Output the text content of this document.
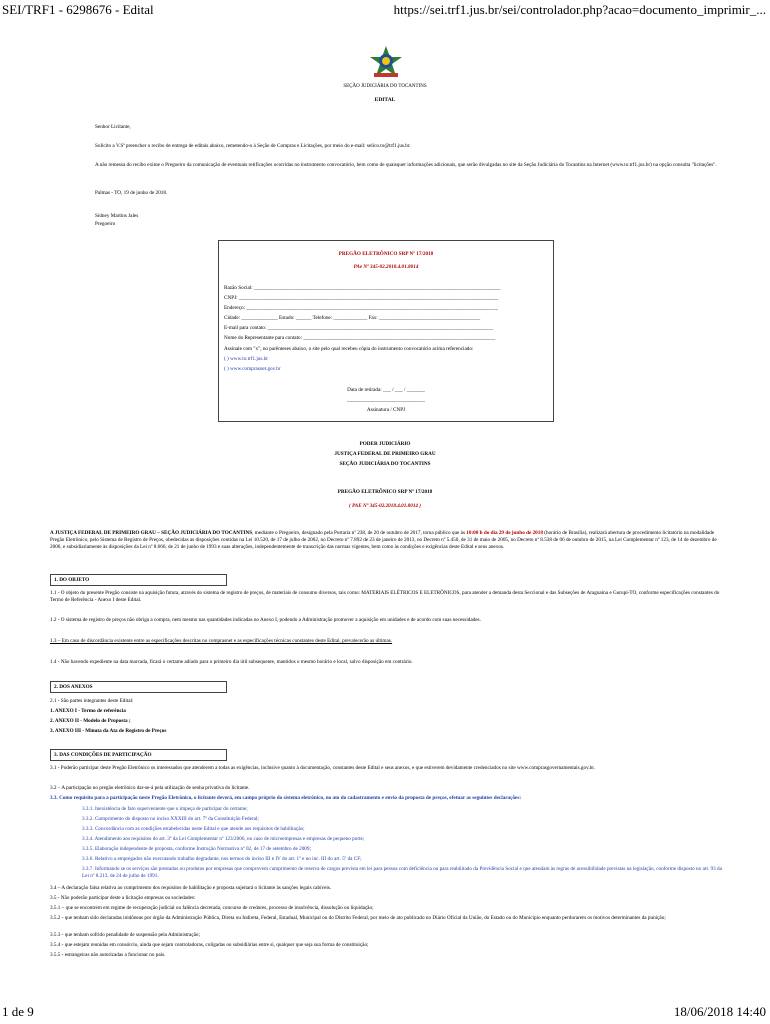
SEI/TRF1 - 6298676 - Edital	https://sei.trf1.jus.br/sei/controlador.php?acao=documento_imprimir_...
1 de 9	18/06/2018 14:40
SEÇÃO JUDICIÁRIA DO TOCANTINS
EDITAL
Senhor Licitante,
Solicito a V.Sª preencher o recibo de entrega de editais abaixo, remetendo-o à Seção de Compras e Licitações, por meio do e-mail: selico.to@trf1.jus.br.
A não remessa do recibo exime o Pregoeiro da comunicação de eventuais retificações ocorridas no instrumento convocatório, bem como de quaisquer informações adicionais, que serão divulgadas no site da Seção Judiciária do Tocantins na Internet (www.to.trf1.jus.br) na opção consulta "licitações".
Palmas - TO, 19 de junho de 2018.
Sidney Martins Jales
Pregoeiro
PREGÃO ELETRÔNICO SRP Nº 17/2018
PAe Nº 345-02.2018.4.01.8014
Razão Social: _______________________________________________________________________________________________
CNPJ: ____________________________________________________________________________________________________
Endereço: _________________________________________________________________________________________________
Cidade: ______________ Estado: ______ Telefone: _____________ Fax: _______________________________________
E-mail para contato: _______________________________________________________________________________________
Nome do Representante para contato: __________________________________________________________________________
Assinale com "x", no parênteses abaixo, o site pelo qual recebeu cópia do instrumento convocatório acima referenciado:
( ) www.to.trf1.jus.br
( ) www.comprasnet.gov.br
Data de retirada: ___ / ___ / _______
______________________________
Assinatura / CNPJ
PODER JUDICIÁRIO
JUSTIÇA FEDERAL DE PRIMEIRO GRAU
SEÇÃO JUDICIÁRIA DO TOCANTINS
PREGÃO ELETRÔNICO SRP Nº 17/2018
( PAE Nº 345-02.2018.4.01.8014 )
A JUSTIÇA FEDERAL DE PRIMEIRO GRAU – SEÇÃO JUDICIÁRIA DO TOCANTINS, mediante o Pregoeiro, designado pela Portaria nº 238, de 20 de outubro de 2017, torna público que às 10:00 h do dia 29 de junho de 2018 (horário de Brasília), realizará abertura de procedimento licitatório na modalidade Pregão Eletrônico, pelo Sistema de Registro de Preços, obedecidas as disposições contidas na Lei 10.520, de 17 de julho de 2002, no Decreto nº 7.892 de 23 de janeiro de 2013, no Decreto nº 5.450, de 31 de maio de 2005, no Decreto nº 8.538 de 06 de outubro de 2015, na Lei Complementar nº 123, de 14 de dezembro de 2006, e subsidiariamente às disposições da Lei nº 8.666, de 21 de junho de 1993 e suas alterações, independentemente de transcrição das normas vigentes, bem como às condições e exigências deste Edital e seus anexos.
1. DO OBJETO
1.1 - O objeto do presente Pregão consiste na aquisição futura, através do sistema de registro de preços, de materiais de consumo diversos, tais como: MATERIAIS ELÉTRICOS E ELETRÔNICOS, para atender a demanda desta Seccional e das Subseções de Araguaína e Gurupi-TO, conforme especificações constantes do Termo de Referência - Anexo I deste Edital.
1.2 - O sistema de registro de preços não obriga a compra, nem mesmo nas quantidades indicadas no Anexo I, podendo a Administração promover a aquisição em unidades e de acordo com suas necessidades.
1.3 – Em caso de discordância existente entre as especificações descritas no comprasnet e as especificações técnicas constantes deste Edital, prevalecerão as últimas.
1.4 - Não havendo expediente na data marcada, ficará o certame adiado para o primeiro dia útil subsequente, mantidos o mesmo horário e local, salvo disposição em contrário.
2. DOS ANEXOS
2.1 - São partes integrantes deste Edital:
1. ANEXO I - Termo de referência
2. ANEXO II - Modelo de Proposta ;
3. ANEXO III - Minuta da Ata de Registro de Preços
3. DAS CONDIÇÕES DE PARTICIPAÇÃO
3.1 - Poderão participar deste Pregão Eletrônico os interessados que atenderem a todas as exigências, inclusive quanto à documentação, constantes deste Edital e seus anexos, e que estiverem devidamente credenciados no site www.comprasgovernamentais.gov.br.
3.2 – A participação no pregão eletrônico dar-se-á pela utilização de senha privativa do licitante.
3.3. Como requisito para a participação neste Pregão Eletrônico, o licitante deverá, em campo próprio do sistema eletrônico, no ato do cadastramento e envio da proposta de preços, efetuar as seguintes declarações:
3.3.1. Inexistência de fato superveniente que o impeça de participar do certame;
3.3.2. Cumprimento do disposto no inciso XXXIII do art. 7º da Constituição Federal;
3.3.3. Concordância com as condições estabelecidas neste Edital e que atende aos requisitos de habilitação;
3.3.4. Atendimento aos requisitos do art. 3º da Lei Complementar nº 123/2006, no caso de microempresas e empresas de pequeno porte;
3.3.5. Elaboração independente de proposta, conforme Instrução Normativa nº 02, de 17 de setembro de 2009;
3.3.6. Relativo a empregados não executando trabalho degradante, nos termos do inciso III e IV do art. 1º e no inc. III do art. 5º da CF;
3.3.7. Informando se os serviços são prestados ou produtos por empresas que comprovem cumprimento de reserva de cargos prevista em lei para pessoa com deficiência ou para reabilitado da Previdência Social e que atendam às regras de acessibilidade previstas na legislação, conforme disposto no art. 93 da Lei nº 8.213, de 24 de julho de 1991.
3.4 – A declaração falsa relativa ao cumprimento dos requisitos de habilitação e proposta sujeitará o licitante às sanções legais cabíveis.
3.5 - Não poderão participar deste a licitação empresas ou sociedades:
3.5.1 – que se encontrem em regime de recuperação judicial ou falência decretada, concurso de credores, processo de insolvência, dissolução ou liquidação;
3.5.2 - que tenham sido declaradas inidôneas por órgão da Administração Pública, Direta ou Indireta, Federal, Estadual, Municipal ou do Distrito Federal, por meio de ato publicado no Diário Oficial da União, do Estado ou do Município enquanto perdurarem os motivos determinantes da punição;
3.5.3 - que tenham sofrido penalidade de suspensão pela Administração;
3.5.4 - que estejam reunidas em consórcio, ainda que sejam controladoras, coligadas ou subsidiárias entre si, qualquer que seja sua forma de constituição;
3.5.5 - estrangeiras não autorizadas a funcionar no país.
